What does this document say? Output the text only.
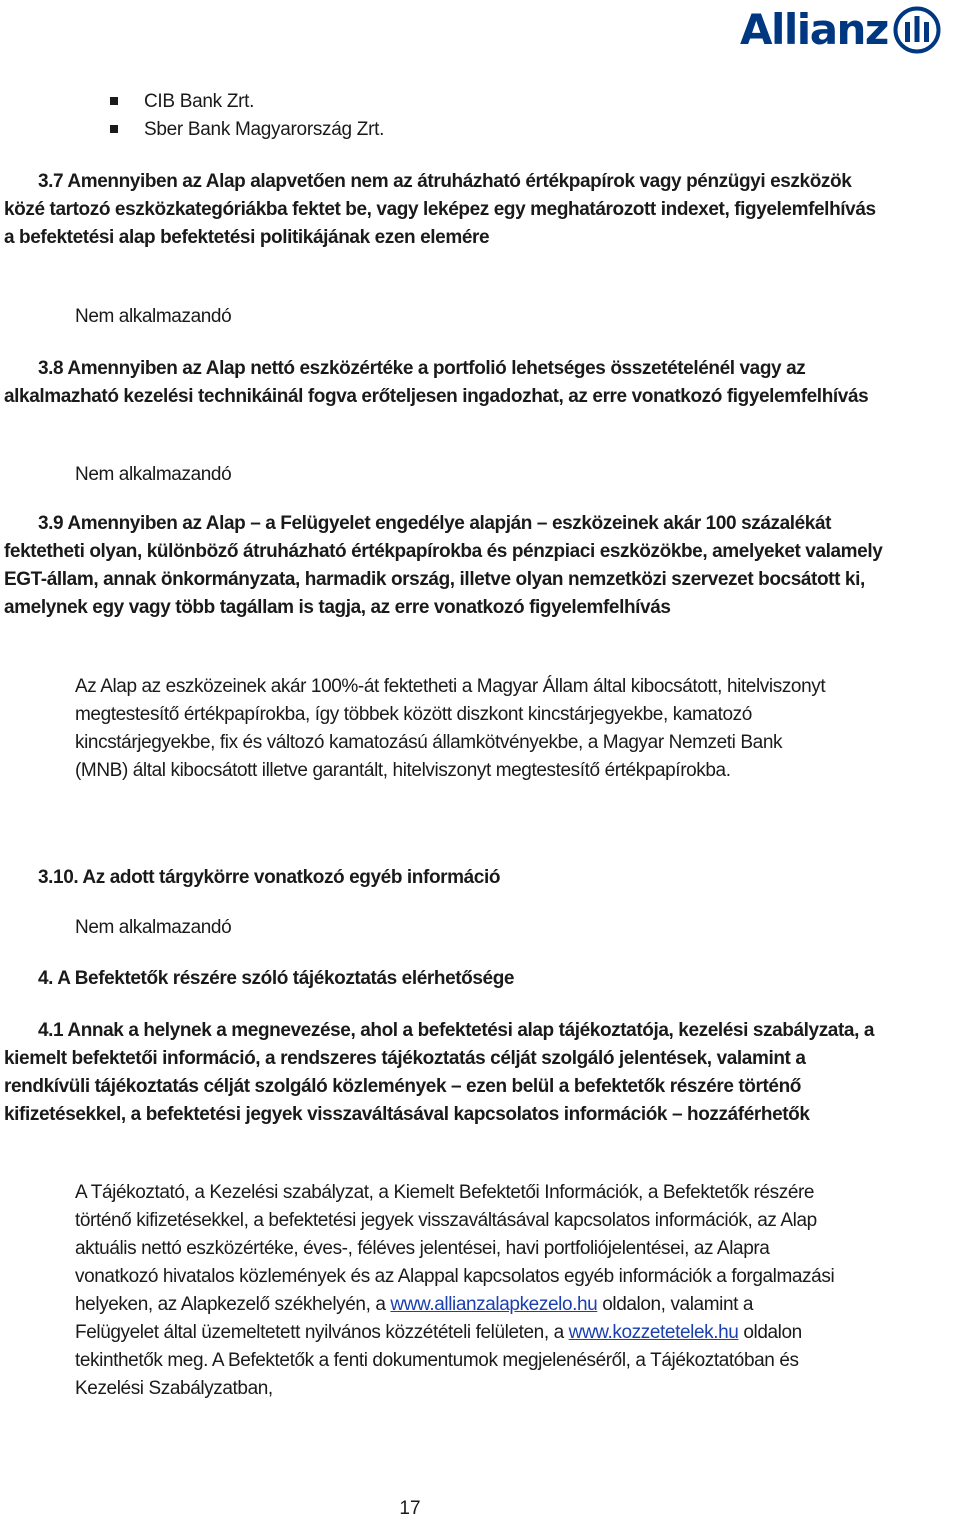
Allianz
CIB Bank Zrt.
Sber Bank Magyarország Zrt.

3.7 Amennyiben az Alap alapvetően nem az átruházható értékpapírok vagy pénzügyi eszközök közé tartozó eszközkategóriákba fektet be, vagy leképez egy meghatározott indexet, figyelemfelhívás a befektetési alap befektetési politikájának ezen elemére

Nem alkalmazandó

3.8 Amennyiben az Alap nettó eszközértéke a portfolió lehetséges összetételénél vagy az alkalmazható kezelési technikáinál fogva erőteljesen ingadozhat, az erre vonatkozó figyelemfelhívás

Nem alkalmazandó

3.9 Amennyiben az Alap – a Felügyelet engedélye alapján – eszközeinek akár 100 százalékát fektetheti olyan, különböző átruházható értékpapírokba és pénzpiaci eszközökbe, amelyeket valamely EGT-állam, annak önkormányzata, harmadik ország, illetve olyan nemzetközi szervezet bocsátott ki, amelynek egy vagy több tagállam is tagja, az erre vonatkozó figyelemfelhívás

Az Alap az eszközeinek akár 100%-át fektetheti a Magyar Állam által kibocsátott, hitelviszonyt megtestesítő értékpapírokba, így többek között diszkont kincstárjegyekbe, kamatozó kincstárjegyekbe, fix és változó kamatozású államkötvényekbe, a Magyar Nemzeti Bank (MNB) által kibocsátott illetve garantált, hitelviszonyt megtestesítő értékpapírokba.

3.10. Az adott tárgykörre vonatkozó egyéb információ

Nem alkalmazandó

4. A Befektetők részére szóló tájékoztatás elérhetősége

4.1 Annak a helynek a megnevezése, ahol a befektetési alap tájékoztatója, kezelési szabályzata, a kiemelt befektetői információ, a rendszeres tájékoztatás célját szolgáló jelentések, valamint a rendkívüli tájékoztatás célját szolgáló közlemények – ezen belül a befektetők részére történő kifizetésekkel, a befektetési jegyek visszaváltásával kapcsolatos információk – hozzáférhetők

A Tájékoztató, a Kezelési szabályzat, a Kiemelt Befektetői Információk, a Befektetők részére történő kifizetésekkel, a befektetési jegyek visszaváltásával kapcsolatos információk, az Alap aktuális nettó eszközértéke, éves-, féléves jelentései, havi portfoliójelentései, az Alapra vonatkozó hivatalos közlemények és az Alappal kapcsolatos egyéb információk a forgalmazási helyeken, az Alapkezelő székhelyén, a www.allianzalapkezelo.hu oldalon, valamint a Felügyelet által üzemeltetett nyilvános közzétételi felületen, a www.kozzetetelek.hu oldalon tekinthetők meg. A Befektetők a fenti dokumentumok megjelenéséről, a Tájékoztatóban és Kezelési Szabályzatban,

17
